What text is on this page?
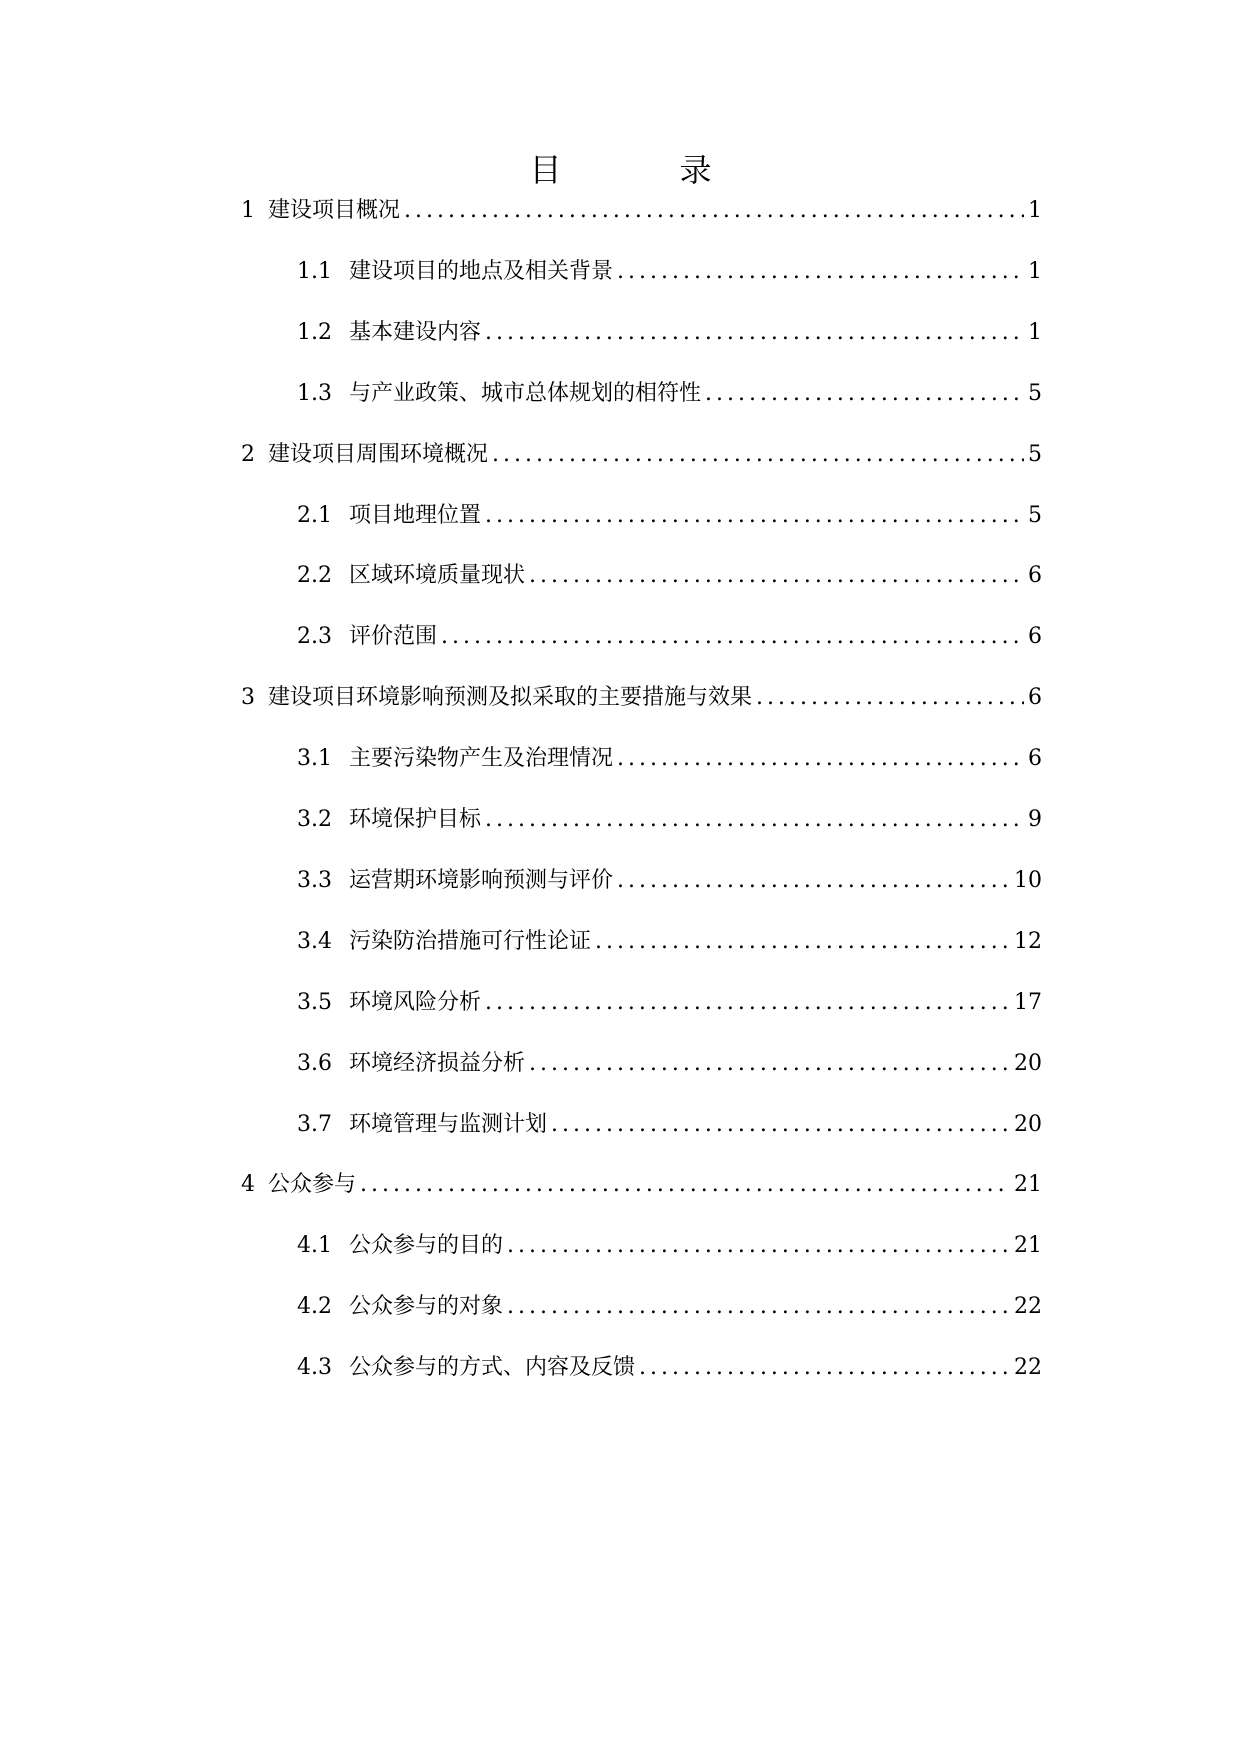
目	录
1 建设项目概况 .....	1
1.1 建设项目的地点及相关背景 .....	1
1.2 基本建设内容 .....	1
1.3 与产业政策、城市总体规划的相符性 .....	5
2 建设项目周围环境概况 .....	5
2.1 项目地理位置 .....	5
2.2 区域环境质量现状 .....	6
2.3 评价范围 .....	6
3 建设项目环境影响预测及拟采取的主要措施与效果 .....	6
3.1 主要污染物产生及治理情况 .....	6
3.2 环境保护目标 .....	9
3.3 运营期环境影响预测与评价 .....	10
3.4 污染防治措施可行性论证 .....	12
3.5 环境风险分析 .....	17
3.6 环境经济损益分析 .....	20
3.7 环境管理与监测计划 .....	20
4 公众参与 .....	21
4.1 公众参与的目的 .....	21
4.2 公众参与的对象 .....	22
4.3 公众参与的方式、内容及反馈 .....	22
